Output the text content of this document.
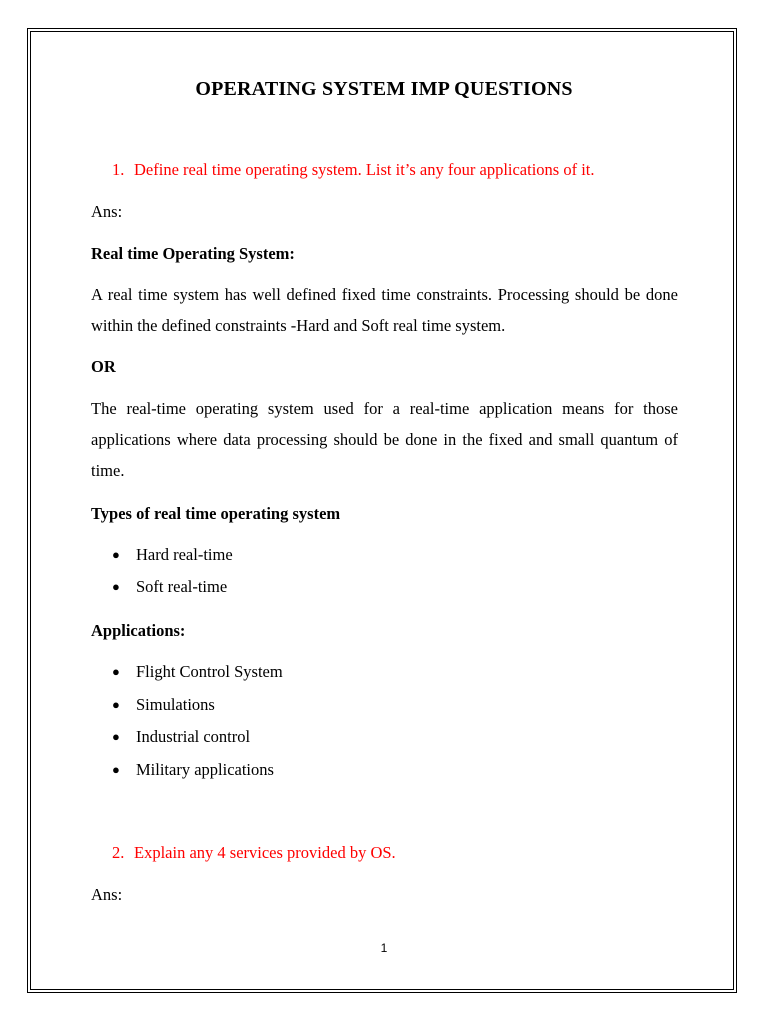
OPERATING SYSTEM IMP QUESTIONS
1. Define real time operating system. List it’s any four applications of it.
Ans:
Real time Operating System:
A real time system has well defined fixed time constraints. Processing should be done within the defined constraints -Hard and Soft real time system.
OR
The real-time operating system used for a real-time application means for those applications where data processing should be done in the fixed and small quantum of time.
Types of real time operating system
● Hard real-time
● Soft real-time
Applications:
● Flight Control System
● Simulations
● Industrial control
● Military applications
2. Explain any 4 services provided by OS.
Ans:
1
